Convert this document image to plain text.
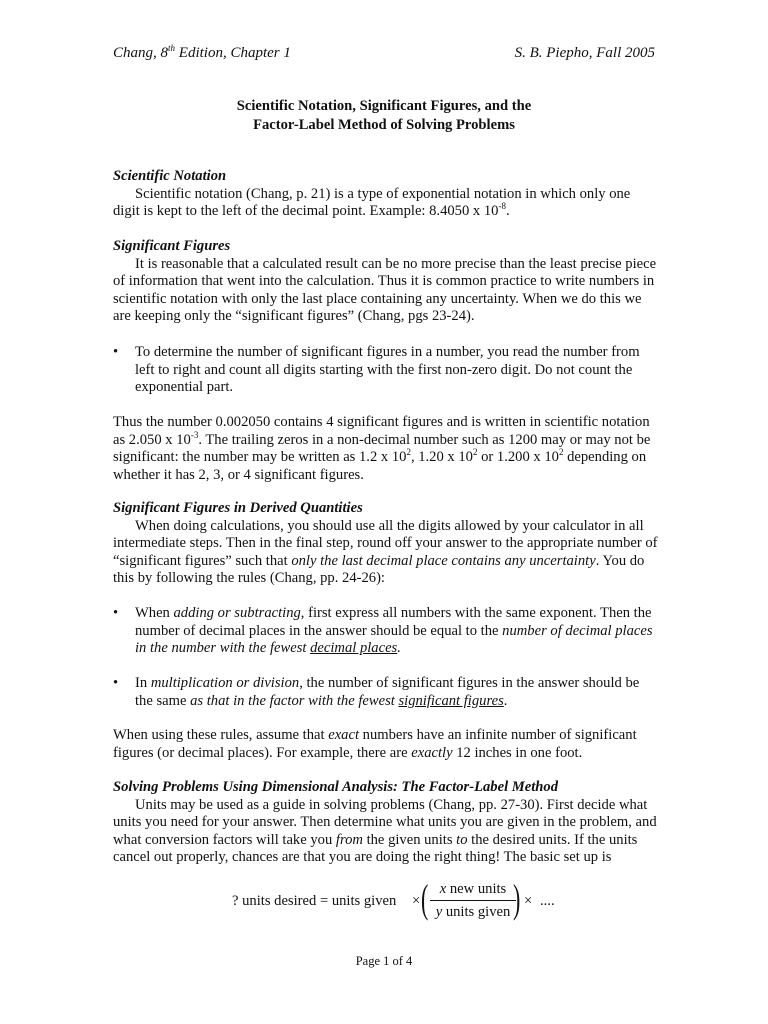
Chang, 8th Edition, Chapter 1	S. B. Piepho, Fall 2005
Scientific Notation, Significant Figures, and the
Factor-Label Method of Solving Problems
Scientific Notation
Scientific notation (Chang, p. 21) is a type of exponential notation in which only one digit is kept to the left of the decimal point. Example: 8.4050 x $10^{-8}$.
Significant Figures
It is reasonable that a calculated result can be no more precise than the least precise piece of information that went into the calculation. Thus it is common practice to write numbers in scientific notation with only the last place containing any uncertainty. When we do this we are keeping only the “significant figures” (Chang, pgs 23-24).
• To determine the number of significant figures in a number, you read the number from left to right and count all digits starting with the first non-zero digit. Do not count the exponential part.
Thus the number 0.002050 contains 4 significant figures and is written in scientific notation as 2.050 x $10^{-3}$. The trailing zeros in a non-decimal number such as 1200 may or may not be significant: the number may be written as 1.2 x $10^2$, 1.20 x $10^2$ or 1.200 x $10^2$ depending on whether it has 2, 3, or 4 significant figures.
Significant Figures in Derived Quantities
When doing calculations, you should use all the digits allowed by your calculator in all intermediate steps. Then in the final step, round off your answer to the appropriate number of “significant figures” such that only the last decimal place contains any uncertainty. You do this by following the rules (Chang, pp. 24-26):
• When adding or subtracting, first express all numbers with the same exponent. Then the number of decimal places in the answer should be equal to the number of decimal places in the number with the fewest decimal places.
• In multiplication or division, the number of significant figures in the answer should be the same as that in the factor with the fewest significant figures.
When using these rules, assume that exact numbers have an infinite number of significant figures (or decimal places). For example, there are exactly 12 inches in one foot.
Solving Problems Using Dimensional Analysis: The Factor-Label Method
Units may be used as a guide in solving problems (Chang, pp. 27-30). First decide what units you need for your answer. Then determine what units you are given in the problem, and what conversion factors will take you from the given units to the desired units. If the units cancel out properly, chances are that you are doing the right thing! The basic set up is
? units desired = units given × ( x new units
y units given ) × ....
Page 1 of 4
